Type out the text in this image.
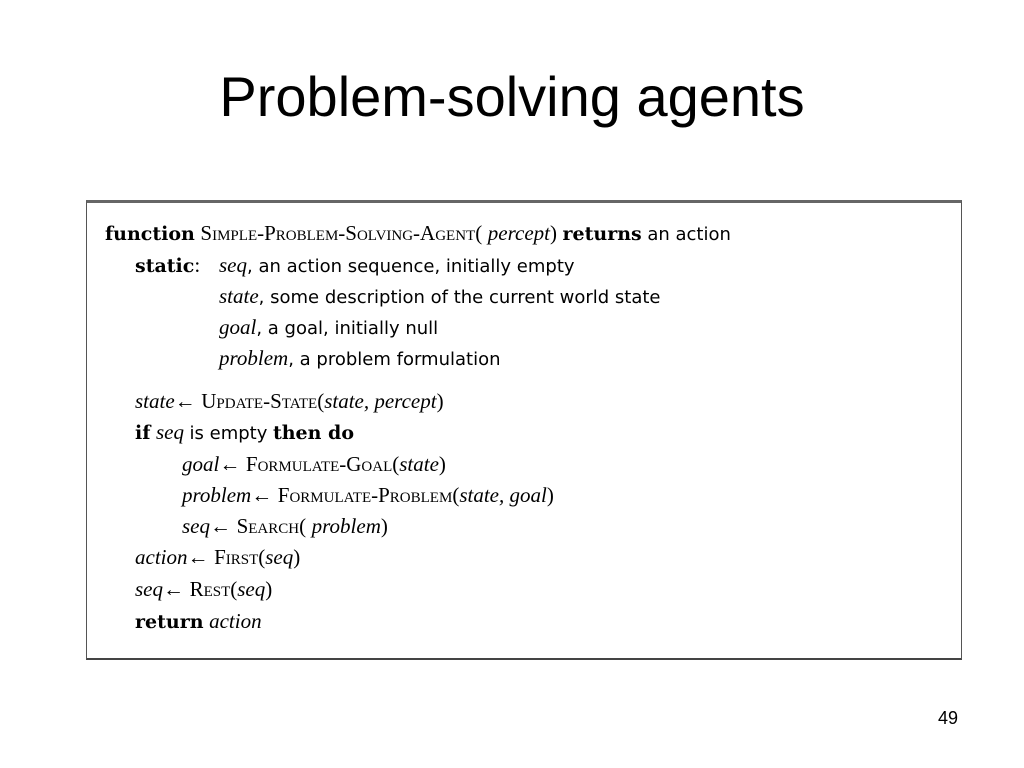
Problem-solving agents
function Simple-Problem-Solving-Agent( percept) returns an action
static: seq, an action sequence, initially empty
state, some description of the current world state
goal, a goal, initially null
problem, a problem formulation
state← Update-State(state, percept)
if seq is empty then do
goal← Formulate-Goal(state)
problem← Formulate-Problem(state, goal)
seq← Search( problem)
action← First(seq)
seq← Rest(seq)
return action
49
